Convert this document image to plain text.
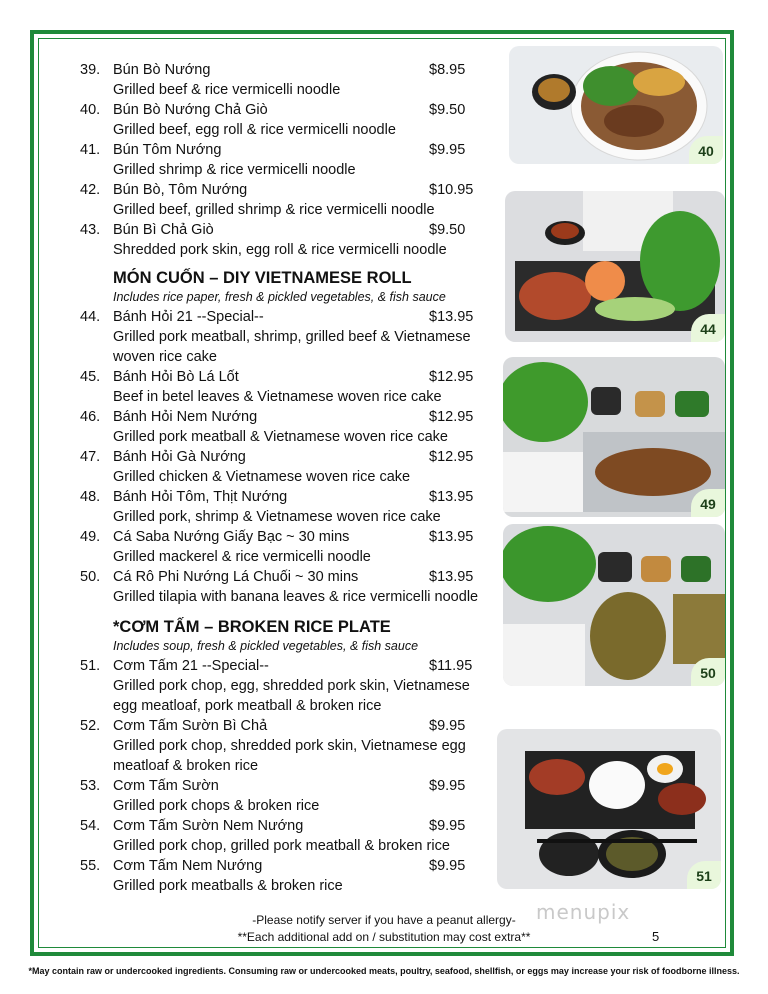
39. Bún Bò Nướng	$8.95
Grilled beef & rice vermicelli noodle
40. Bún Bò Nướng Chả Giò	$9.50
Grilled beef, egg roll & rice vermicelli noodle
41. Bún Tôm Nướng	$9.95
Grilled shrimp & rice vermicelli noodle
42. Bún Bò, Tôm Nướng	$10.95
Grilled beef, grilled shrimp & rice vermicelli noodle
43. Bún Bì Chả Giò	$9.50
Shredded pork skin, egg roll & rice vermicelli noodle
MÓN CUỐN – DIY VIETNAMESE ROLL
Includes rice paper, fresh & pickled vegetables, & fish sauce
44. Bánh Hỏi 21 --Special--	$13.95
Grilled pork meatball, shrimp, grilled beef & Vietnamese
woven rice cake
45. Bánh Hỏi Bò Lá Lốt	$12.95
Beef in betel leaves & Vietnamese woven rice cake
46. Bánh Hỏi Nem Nướng	$12.95
Grilled pork meatball & Vietnamese woven rice cake
47. Bánh Hỏi Gà Nướng	$12.95
Grilled chicken & Vietnamese woven rice cake
48. Bánh Hỏi Tôm, Thịt Nướng	$13.95
Grilled pork, shrimp & Vietnamese woven rice cake
49. Cá Saba Nướng Giấy Bạc ~ 30 mins	$13.95
Grilled mackerel & rice vermicelli noodle
50. Cá Rô Phi Nướng Lá Chuối ~ 30 mins	$13.95
Grilled tilapia with banana leaves & rice vermicelli noodle
*CƠM TẤM – BROKEN RICE PLATE
Includes soup, fresh & pickled vegetables, & fish sauce
51. Cơm Tấm 21 --Special--	$11.95
Grilled pork chop, egg, shredded pork skin, Vietnamese
egg meatloaf, pork meatball & broken rice
52. Cơm Tấm Sườn Bì Chả	$9.95
Grilled pork chop, shredded pork skin, Vietnamese egg
meatloaf & broken rice
53. Cơm Tấm Sườn	$9.95
Grilled pork chops & broken rice
54. Cơm Tấm Sườn Nem Nướng	$9.95
Grilled pork chop, grilled pork meatball & broken rice
55. Cơm Tấm Nem Nướng	$9.95
Grilled pork meatballs & broken rice
40
44
49
50
51
-Please notify server if you have a peanut allergy-
**Each additional add on / substitution may cost extra**	5
menupix
*May contain raw or undercooked ingredients. Consuming raw or undercooked meats, poultry, seafood, shellfish, or eggs may increase your risk of foodborne illness.
